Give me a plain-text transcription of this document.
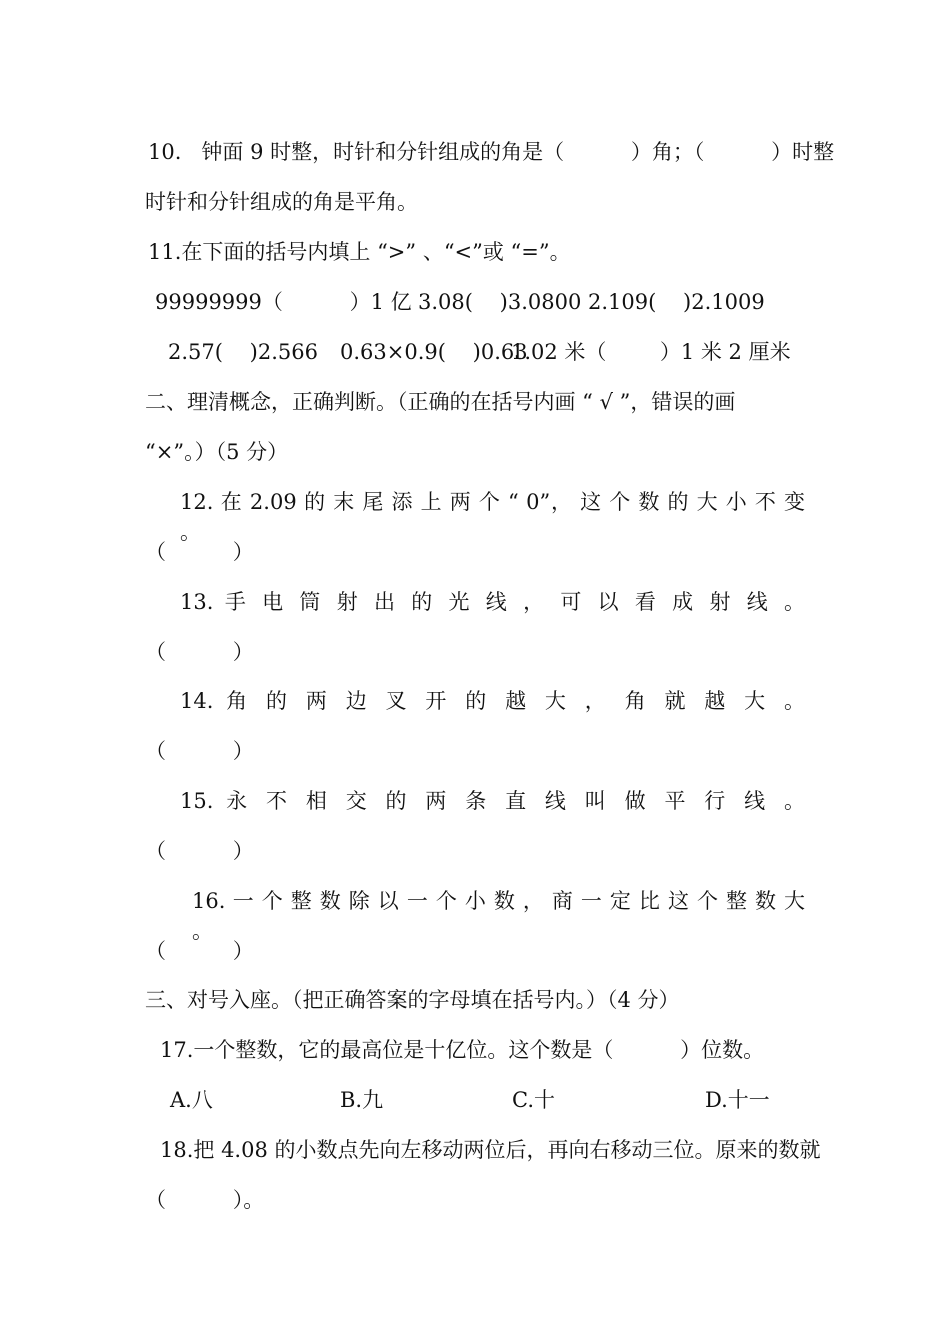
10.   钟面 9 时整，时针和分针组成的角是（          ）角；（          ）时整
时针和分针组成的角是平角。
11.在下面的括号内填上 “>” 、“<”或 “=”。

99999999（          ）1 亿

3.08(    )3.0800

2.109(    )2.1009

2.57(    )2.566

0.63×0.9(    )0.63

1.02 米（        ）1 米 2 厘米

二、理清概念，正确判断。（正确的在括号内画 “ √ ”，错误的画
“×”。）（5 分）
12. 在 2.09 的 末 尾 添 上 两 个 “ 0”， 这 个 数 的 大 小 不 变 。
（          ）
13. 手 电 筒 射 出 的 光 线 ， 可 以 看 成 射 线 。
（          ）
14. 角 的 两 边 叉 开 的 越 大 ， 角 就 越 大 。
（          ）
15. 永 不 相 交 的 两 条 直 线 叫 做 平 行 线 。
（          ）
16. 一 个 整 数 除 以 一 个 小 数 ， 商 一 定 比 这 个 整 数 大 。
（          ）
三、对号入座。（把正确答案的字母填在括号内。）（4 分）
17.一个整数，它的最高位是十亿位。这个数是（          ）位数。

A.八

	B.九

	C.十

	D.十一

18.把 4.08 的小数点先向左移动两位后，再向右移动三位。原来的数就
（          ）。
